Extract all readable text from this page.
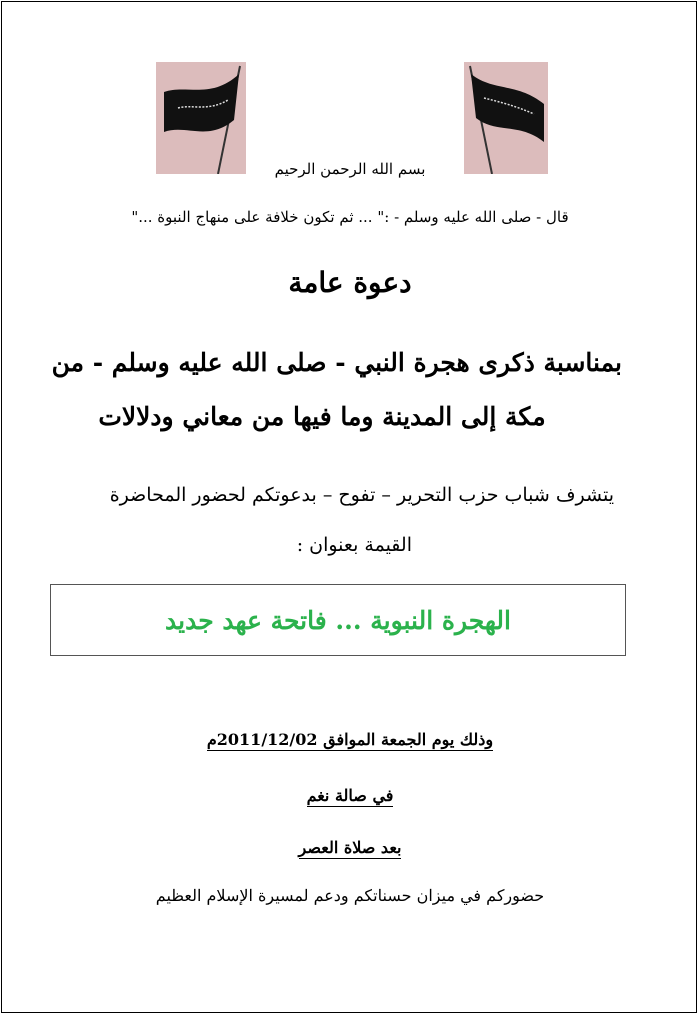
بسم الله الرحمن الرحيم
قال - صلى الله عليه وسلم - :" ... ثم تكون خلافة على منهاج النبوة ..."
دعوة عامة
بمناسبة ذكرى هجرة النبي - صلى الله عليه وسلم - من
مكة إلى المدينة وما فيها من معاني ودلالات
يتشرف شباب حزب التحرير – تفوح – بدعوتكم لحضور المحاضرة
القيمة بعنوان :
الهجرة النبوية ... فاتحة عهد جديد
وذلك يوم الجمعة الموافق 2011/12/02م
في صالة نغم
بعد صلاة العصر
حضوركم في ميزان حسناتكم ودعم لمسيرة الإسلام العظيم
